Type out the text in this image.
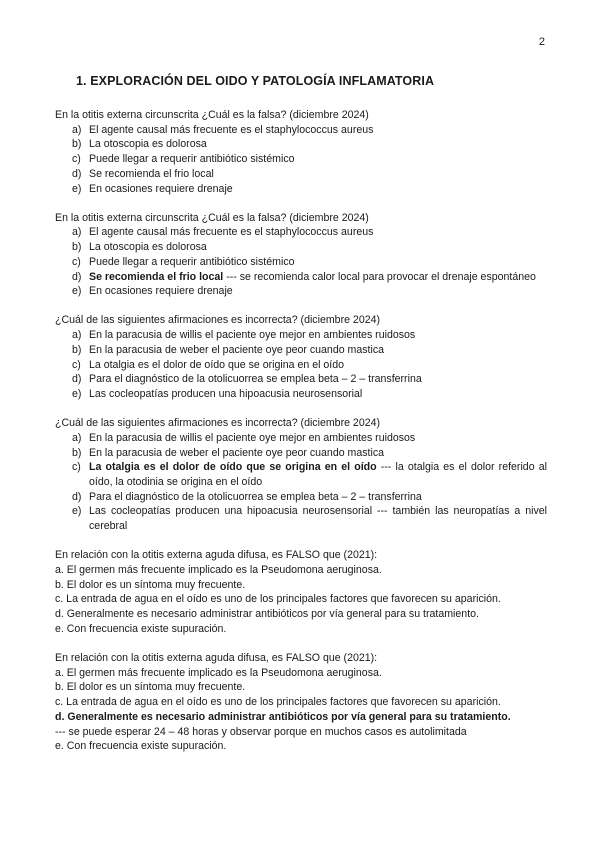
2
1. EXPLORACIÓN DEL OIDO Y PATOLOGÍA INFLAMATORIA

En la otitis externa circunscrita ¿Cuál es la falsa? (diciembre 2024)

a) El agente causal más frecuente es el staphylococcus aureus
b) La otoscopia es dolorosa
c) Puede llegar a requerir antibiótico sistémico
d) Se recomienda el frio local
e) En ocasiones requiere drenaje

En la otitis externa circunscrita ¿Cuál es la falsa? (diciembre 2024)

a) El agente causal más frecuente es el staphylococcus aureus
b) La otoscopia es dolorosa
c) Puede llegar a requerir antibiótico sistémico
d) Se recomienda el frio local --- se recomienda calor local para provocar el drenaje espontáneo
e) En ocasiones requiere drenaje

¿Cuál de las siguientes afirmaciones es incorrecta? (diciembre 2024)

a) En la paracusia de willis el paciente oye mejor en ambientes ruidosos
b) En la paracusia de weber el paciente oye peor cuando mastica
c) La otalgia es el dolor de oído que se origina en el oído
d) Para el diagnóstico de la otolicuorrea se emplea beta – 2 – transferrina
e) Las cocleopatías producen una hipoacusia neurosensorial

¿Cuál de las siguientes afirmaciones es incorrecta? (diciembre 2024)

a) En la paracusia de willis el paciente oye mejor en ambientes ruidosos
b) En la paracusia de weber el paciente oye peor cuando mastica
c) La otalgia es el dolor de oído que se origina en el oído --- la otalgia es el dolor referido al oído, la otodinia se origina en el oído
d) Para el diagnóstico de la otolicuorrea se emplea beta – 2 – transferrina
e) Las cocleopatías producen una hipoacusia neurosensorial --- también las neuropatías a nivel cerebral

En relación con la otitis externa aguda difusa, es FALSO que (2021):

a. El germen más frecuente implicado es la Pseudomona aeruginosa.

b. El dolor es un síntoma muy frecuente.

c. La entrada de agua en el oído es uno de los principales factores que favorecen su aparición.

d. Generalmente es necesario administrar antibióticos por vía general para su tratamiento.

e. Con frecuencia existe supuración.

En relación con la otitis externa aguda difusa, es FALSO que (2021):

a. El germen más frecuente implicado es la Pseudomona aeruginosa.

b. El dolor es un síntoma muy frecuente.

c. La entrada de agua en el oído es uno de los principales factores que favorecen su aparición.

d. Generalmente es necesario administrar antibióticos por vía general para su tratamiento.

--- se puede esperar 24 – 48 horas y observar porque en muchos casos es autolimitada

e. Con frecuencia existe supuración.
